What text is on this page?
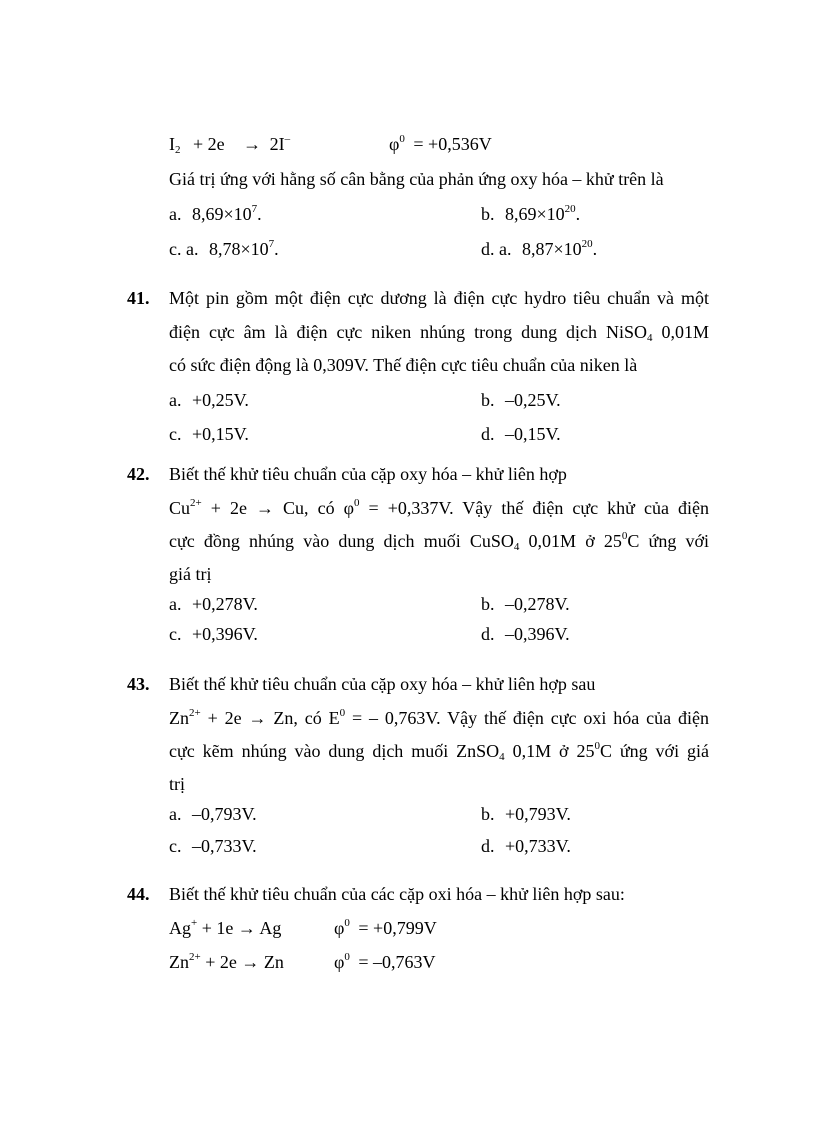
$I_2 + 2e \to 2I^-$	$\varphi^0 = +0,536V$
Giá trị ứng với hằng số cân bằng của phản ứng oxy hóa – khử trên là
a. $8,69\times 10^7$.	b. $8,69\times 10^{20}$.
c. a. $8,78\times 10^7$.	d. a. $8,87\times 10^{20}$.
41. Một pin gồm một điện cực dương là điện cực hydro tiêu chuẩn và một
điện cực âm là điện cực niken nhúng trong dung dịch NiSO$_4$ 0,01M
có sức điện động là 0,309V. Thế điện cực tiêu chuẩn của niken là
a. +0,25V.	b. –0,25V.
c. +0,15V.	d. –0,15V.
42. Biết thế khử tiêu chuẩn của cặp oxy hóa – khử liên hợp
$Cu^{2+} + 2e \to Cu$, có $\varphi^0 = +0,337V$. Vậy thế điện cực khử của điện
cực đồng nhúng vào dung dịch muối CuSO$_4$ 0,01M ở $25^0C$ ứng với
giá trị
a. +0,278V.	b. –0,278V.
c. +0,396V.	d. –0,396V.
43. Biết thế khử tiêu chuẩn của cặp oxy hóa – khử liên hợp sau
$Zn^{2+} + 2e \to Zn$, có $E^0$ = – 0,763V. Vậy thế điện cực oxi hóa của điện
cực kẽm nhúng vào dung dịch muối ZnSO$_4$ 0,1M ở $25^0C$ ứng với giá
trị
a. –0,793V.	b. +0,793V.
c. –0,733V.	d. +0,733V.
44. Biết thế khử tiêu chuẩn của các cặp oxi hóa – khử liên hợp sau:
Ag+ + 1e → Ag	$\varphi^0 = +0,799V$
$Zn^{2+} + 2e \to Zn$	$\varphi^0 = -0,763V$
